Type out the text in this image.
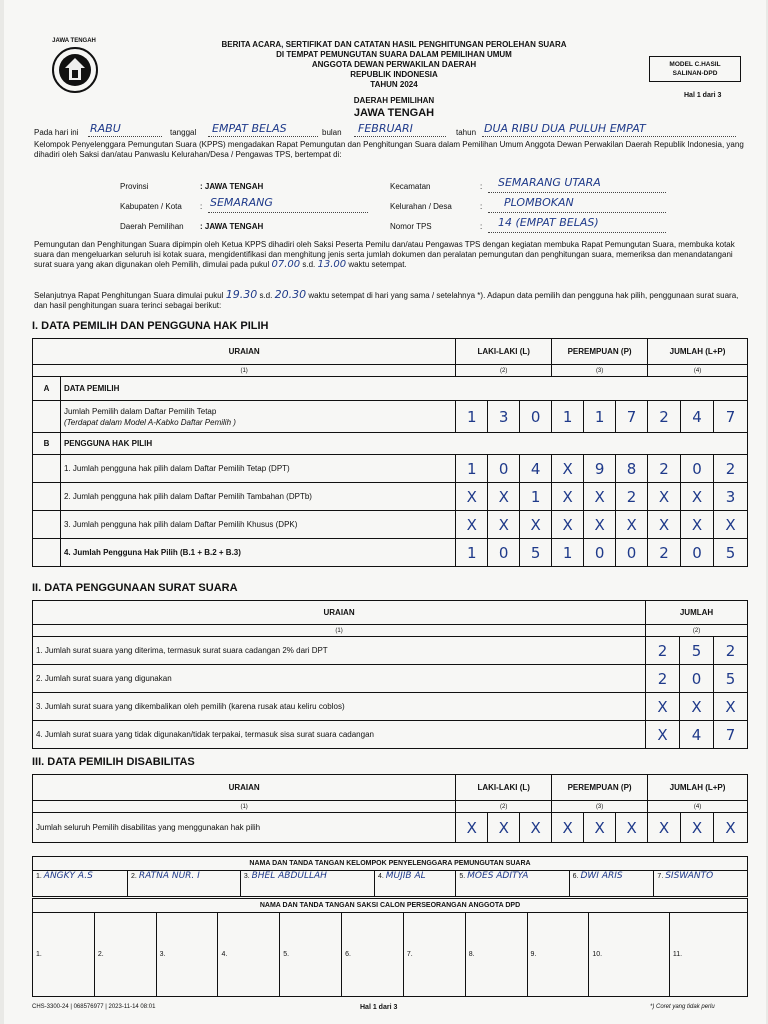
JAWA TENGAH	BERITA ACARA, SERTIFIKAT DAN CATATAN HASIL PENGHITUNGAN PEROLEHAN SUARA
DI TEMPAT PEMUNGUTAN SUARA DALAM PEMILIHAN UMUM
ANGGOTA DEWAN PERWAKILAN DAERAH
REPUBLIK INDONESIA
TAHUN 2024
MODEL C.HASIL
SALINAN-DPD
Hal 1 dari 3
DAERAH PEMILIHAN
JAWA TENGAH
Pada hari ini RABU	tanggal EMPAT BELAS	bulan FEBRUARI	tahun DUA RIBU DUA PULUH EMPAT
Kelompok Penyelenggara Pemungutan Suara (KPPS) mengadakan Rapat Pemungutan dan Penghitungan Suara dalam Pemilihan Umum Anggota Dewan Perwakilan Daerah Republik Indonesia, yang dihadiri oleh Saksi dan/atau Panwaslu Kelurahan/Desa / Pengawas TPS, bertempat di:
Provinsi	: JAWA TENGAH
Kabupaten / Kota : SEMARANG
Daerah Pemilihan : JAWA TENGAH
Kecamatan	: SEMARANG UTARA
Kelurahan / Desa	: PLOMBOKAN
Nomor TPS	: 14 (EMPAT BELAS)
Pemungutan dan Penghitungan Suara dipimpin oleh Ketua KPPS dihadiri oleh Saksi Peserta Pemilu dan/atau Pengawas TPS dengan kegiatan membuka Rapat Pemungutan Suara, membuka kotak suara dan mengeluarkan seluruh isi kotak suara, mengidentifikasi dan menghitung jenis serta jumlah dokumen dan peralatan pemungutan dan penghitungan suara, memeriksa dan menandatangani surat suara yang akan digunakan oleh Pemilih, dimulai pada pukul 07.00 s.d. 13.00 waktu setempat.
Selanjutnya Rapat Penghitungan Suara dimulai pukul 19.30 s.d. 20.30 waktu setempat di hari yang sama / setelahnya *). Adapun data pemilih dan pengguna hak pilih, penggunaan surat suara, dan hasil penghitungan suara terinci sebagai berikut:
I. DATA PEMILIH DAN PENGGUNA HAK PILIH
URAIAN		LAKI-LAKI (L)			PEREMPUAN (P)			JUMLAH (L+P)		
(1)		(2)			(3)			(4)		
A	DATA PEMILIH									

	Jumlah Pemilih dalam Daftar Pemilih Tetap
(Terdapat dalam Model A-Kabko Daftar Pemilih )	1	3	0	1	1	7	2	4	7
B	PENGGUNA HAK PILIH									
	1. Jumlah pengguna hak pilih dalam Daftar Pemilih Tetap (DPT)	1	0	4	X	9	8	2	0	2
	2. Jumlah pengguna hak pilih dalam Daftar Pemilih Tambahan (DPTb)	X	X	1	X	X	2	X	X	3
	3. Jumlah pengguna hak pilih dalam Daftar Pemilih Khusus (DPK)	X	X	X	X	X	X	X	X	X
	4. Jumlah Pengguna Hak Pilih (B.1 + B.2 + B.3)	1	0	5	1	0	0	2	0	5
II. DATA PENGGUNAAN SURAT SUARA
URAIAN	JUMLAH		
(1)	(2)		
1. Jumlah surat suara yang diterima, termasuk surat suara cadangan 2% dari DPT	2	5	2
2. Jumlah surat suara yang digunakan	2	0	5
3. Jumlah surat suara yang dikembalikan oleh pemilih (karena rusak atau keliru coblos)	X	X	X
4. Jumlah surat suara yang tidak digunakan/tidak terpakai, termasuk sisa surat suara cadangan	X	4	7
III. DATA PEMILIH DISABILITAS
URAIAN	LAKI-LAKI (L)			PEREMPUAN (P)			JUMLAH (L+P)		
(1)	(2)			(3)			(4)		
Jumlah seluruh Pemilih disabilitas yang menggunakan hak pilih	X	X	X	X	X	X	X	X	X
NAMA DAN TANDA TANGAN KELOMPOK PENYELENGGARA PEMUNGUTAN SUARA
1. ANGKY A.S	2. RATNA NUR. I	3. BHEL ABDULLAH	4. MUJIB AL	5. MOES ADITYA	6. DWI ARIS	7. SISWANTO
NAMA DAN TANDA TANGAN SAKSI CALON PERSEORANGAN ANGGOTA DPD
1.	2.	3.	4.	5.	6.	7.	8.	9.	10.	11.
CHS-3300-24 | 068576977 | 2023-11-14 08:01	Hal 1 dari 3	*) Coret yang tidak perlu
